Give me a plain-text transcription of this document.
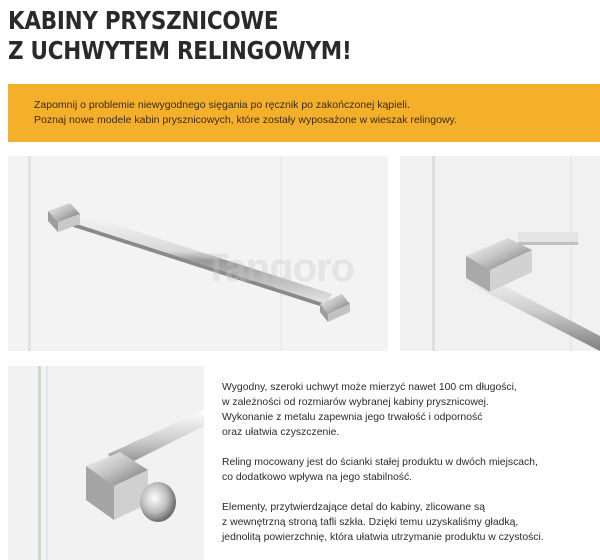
KABINY PRYSZNICOWE
Z UCHWYTEM RELINGOWYM!

Zapomnij o problemie niewygodnego sięgania po ręcznik po zakończonej kąpieli.

Poznaj nowe modele kabin prysznicowych, które zostały wyposażone w wieszak relingowy.

Tangoro

Wygodny, szeroki uchwyt może mierzyć nawet 100 cm długości,
w zależności od rozmiarów wybranej kabiny prysznicowej.
Wykonanie z metalu zapewnia jego trwałość i odporność
oraz ułatwia czyszczenie.

Reling mocowany jest do ścianki stałej produktu w dwóch miejscach,
co dodatkowo wpływa na jego stabilność.

Elementy, przytwierdzające detal do kabiny, zlicowane są
z wewnętrzną stroną tafli szkła. Dzięki temu uzyskaliśmy gładką,
jednolitą powierzchnię, która ułatwia utrzymanie produktu w czystości.
